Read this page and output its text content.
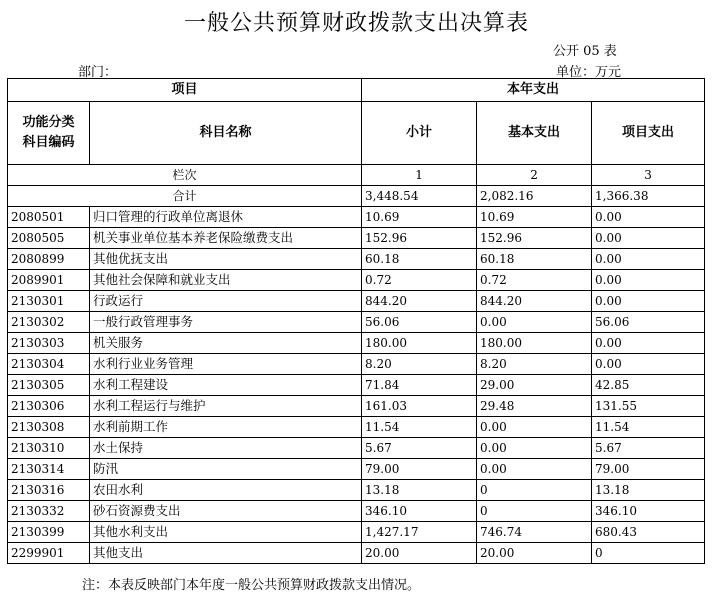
一般公共预算财政拨款支出决算表
公开 05 表
部门：	单位：万元
项目		本年支出		
功能分类
科目编码	科目名称	小计	基本支出	项目支出
栏次		1	2	3
合计		3,448.54	2,082.16	1,366.38
2080501	归口管理的行政单位离退休	10.69	10.69	0.00
2080505	机关事业单位基本养老保险缴费支出	152.96	152.96	0.00
2080899	其他优抚支出	60.18	60.18	0.00
2089901	其他社会保障和就业支出	0.72	0.72	0.00
2130301	行政运行	844.20	844.20	0.00
2130302	一般行政管理事务	56.06	0.00	56.06
2130303	机关服务	180.00	180.00	0.00
2130304	水利行业业务管理	8.20	8.20	0.00
2130305	水利工程建设	71.84	29.00	42.85
2130306	水利工程运行与维护	161.03	29.48	131.55
2130308	水利前期工作	11.54	0.00	11.54
2130310	水土保持	5.67	0.00	5.67
2130314	防汛	79.00	0.00	79.00
2130316	农田水利	13.18	0	13.18
2130332	砂石资源费支出	346.10	0	346.10
2130399	其他水利支出	1,427.17	746.74	680.43
2299901	其他支出	20.00	20.00	0
注：本表反映部门本年度一般公共预算财政拨款支出情况。
